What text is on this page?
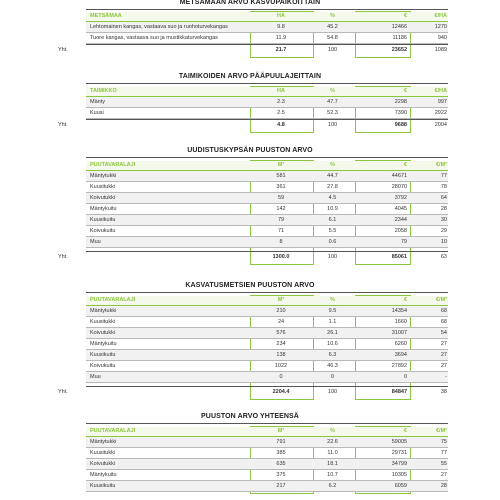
METSÄMAAN ARVO KASVUPAIKOITTAIN
METSÄMAA	HA	%	€	€/HA
Lehtomainen kangas, vastaava suo ja ruohoturvekangas	9.8	45.2	12466	1270
Tuore kangas, vastaava suo ja mustikkaturvekangas	11.9	54.8	11186	940
Yht.	21.7	100	23652	1089
TAIMIKOIDEN ARVO PÄÄPUULAJEITTAIN
TAIMIKKO	HA	%	€	€/HA
Mänty	2.3	47.7	2298	997
Kuusi	2.5	52.3	7390	2922
Yht.	4.8	100	9688	2004
UUDISTUSKYPSÄN PUUSTON ARVO
PUUTAVARALAJI	M³	%	€	€/M³
Mäntytukki	581	44.7	44671	77
Kuusitukki	361	27.8	28070	78
Koivutukki	59	4.5	3792	64
Mäntykuitu	142	10.9	4045	28
Kuusikuitu	79	6.1	2344	30
Koivukuitu	71	5.5	2058	29
Muu	8	0.6	79	10
Yht.	1300.0	100	85061	63
KASVATUSMETSIEN PUUSTON ARVO
PUUTAVARALAJI	M³	%	€	€/M³
Mäntytukki	210	9.5	14354	68
Kuusitukki	24	1.1	1660	68
Koivutukki	576	26.1	31007	54
Mäntykuitu	234	10.6	6260	27
Kuusikuitu	138	6.3	3694	27
Koivukuitu	1022	46.3	27892	27
Muu	0	0	0	-
Yht.	2204.4	100	84847	38
PUUSTON ARVO YHTEENSÄ
PUUTAVARALAJI	M³	%	€	€/M³
Mäntytukki	791	22.6	59005	75
Kuusitukki	385	11.0	29731	77
Koivutukki	635	18.1	34799	55
Mäntykuitu	375	10.7	10305	27
Kuusikuitu	217	6.2	6059	28
